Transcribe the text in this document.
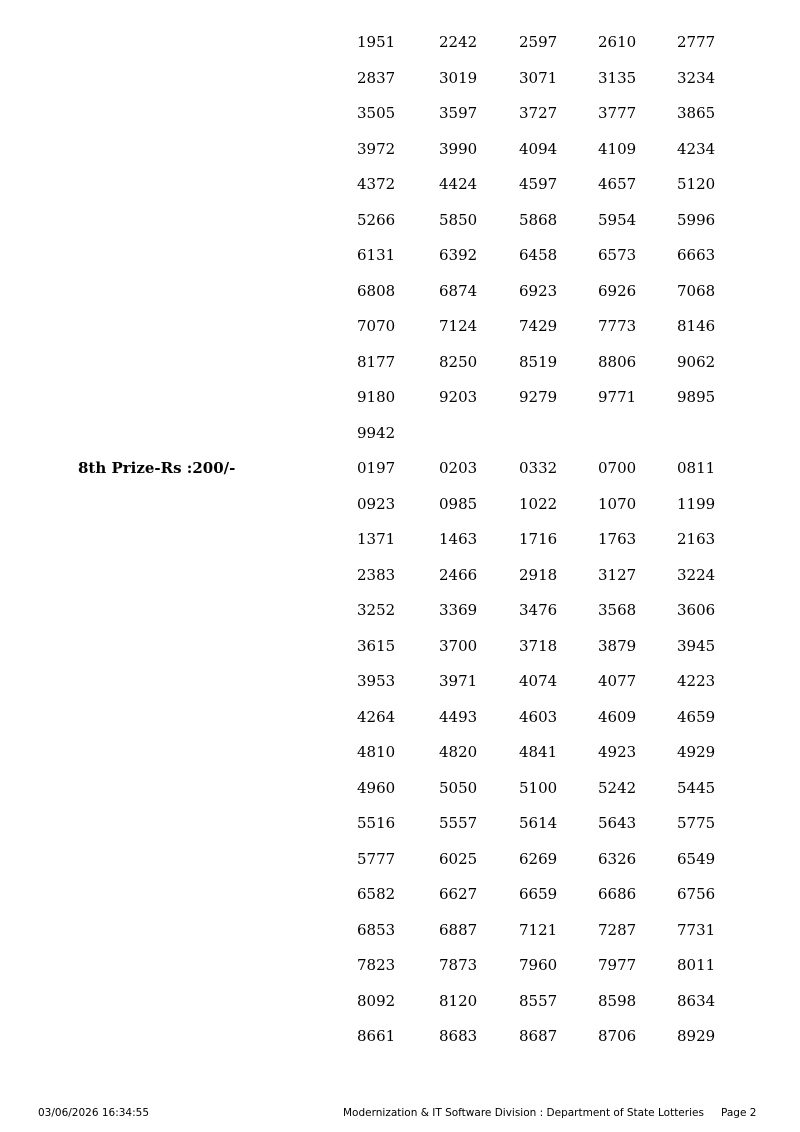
1951	2242	2597	2610	2777
2837	3019	3071	3135	3234
3505	3597	3727	3777	3865
3972	3990	4094	4109	4234
4372	4424	4597	4657	5120
5266	5850	5868	5954	5996
6131	6392	6458	6573	6663
6808	6874	6923	6926	7068
7070	7124	7429	7773	8146
8177	8250	8519	8806	9062
9180	9203	9279	9771	9895
9942
8th Prize-Rs :200/-	0197	0203	0332	0700	0811
0923	0985	1022	1070	1199
1371	1463	1716	1763	2163
2383	2466	2918	3127	3224
3252	3369	3476	3568	3606
3615	3700	3718	3879	3945
3953	3971	4074	4077	4223
4264	4493	4603	4609	4659
4810	4820	4841	4923	4929
4960	5050	5100	5242	5445
5516	5557	5614	5643	5775
5777	6025	6269	6326	6549
6582	6627	6659	6686	6756
6853	6887	7121	7287	7731
7823	7873	7960	7977	8011
8092	8120	8557	8598	8634
8661	8683	8687	8706	8929
03/06/2026 16:34:55	Modernization & IT Software Division : Department of State Lotteries Page 2
